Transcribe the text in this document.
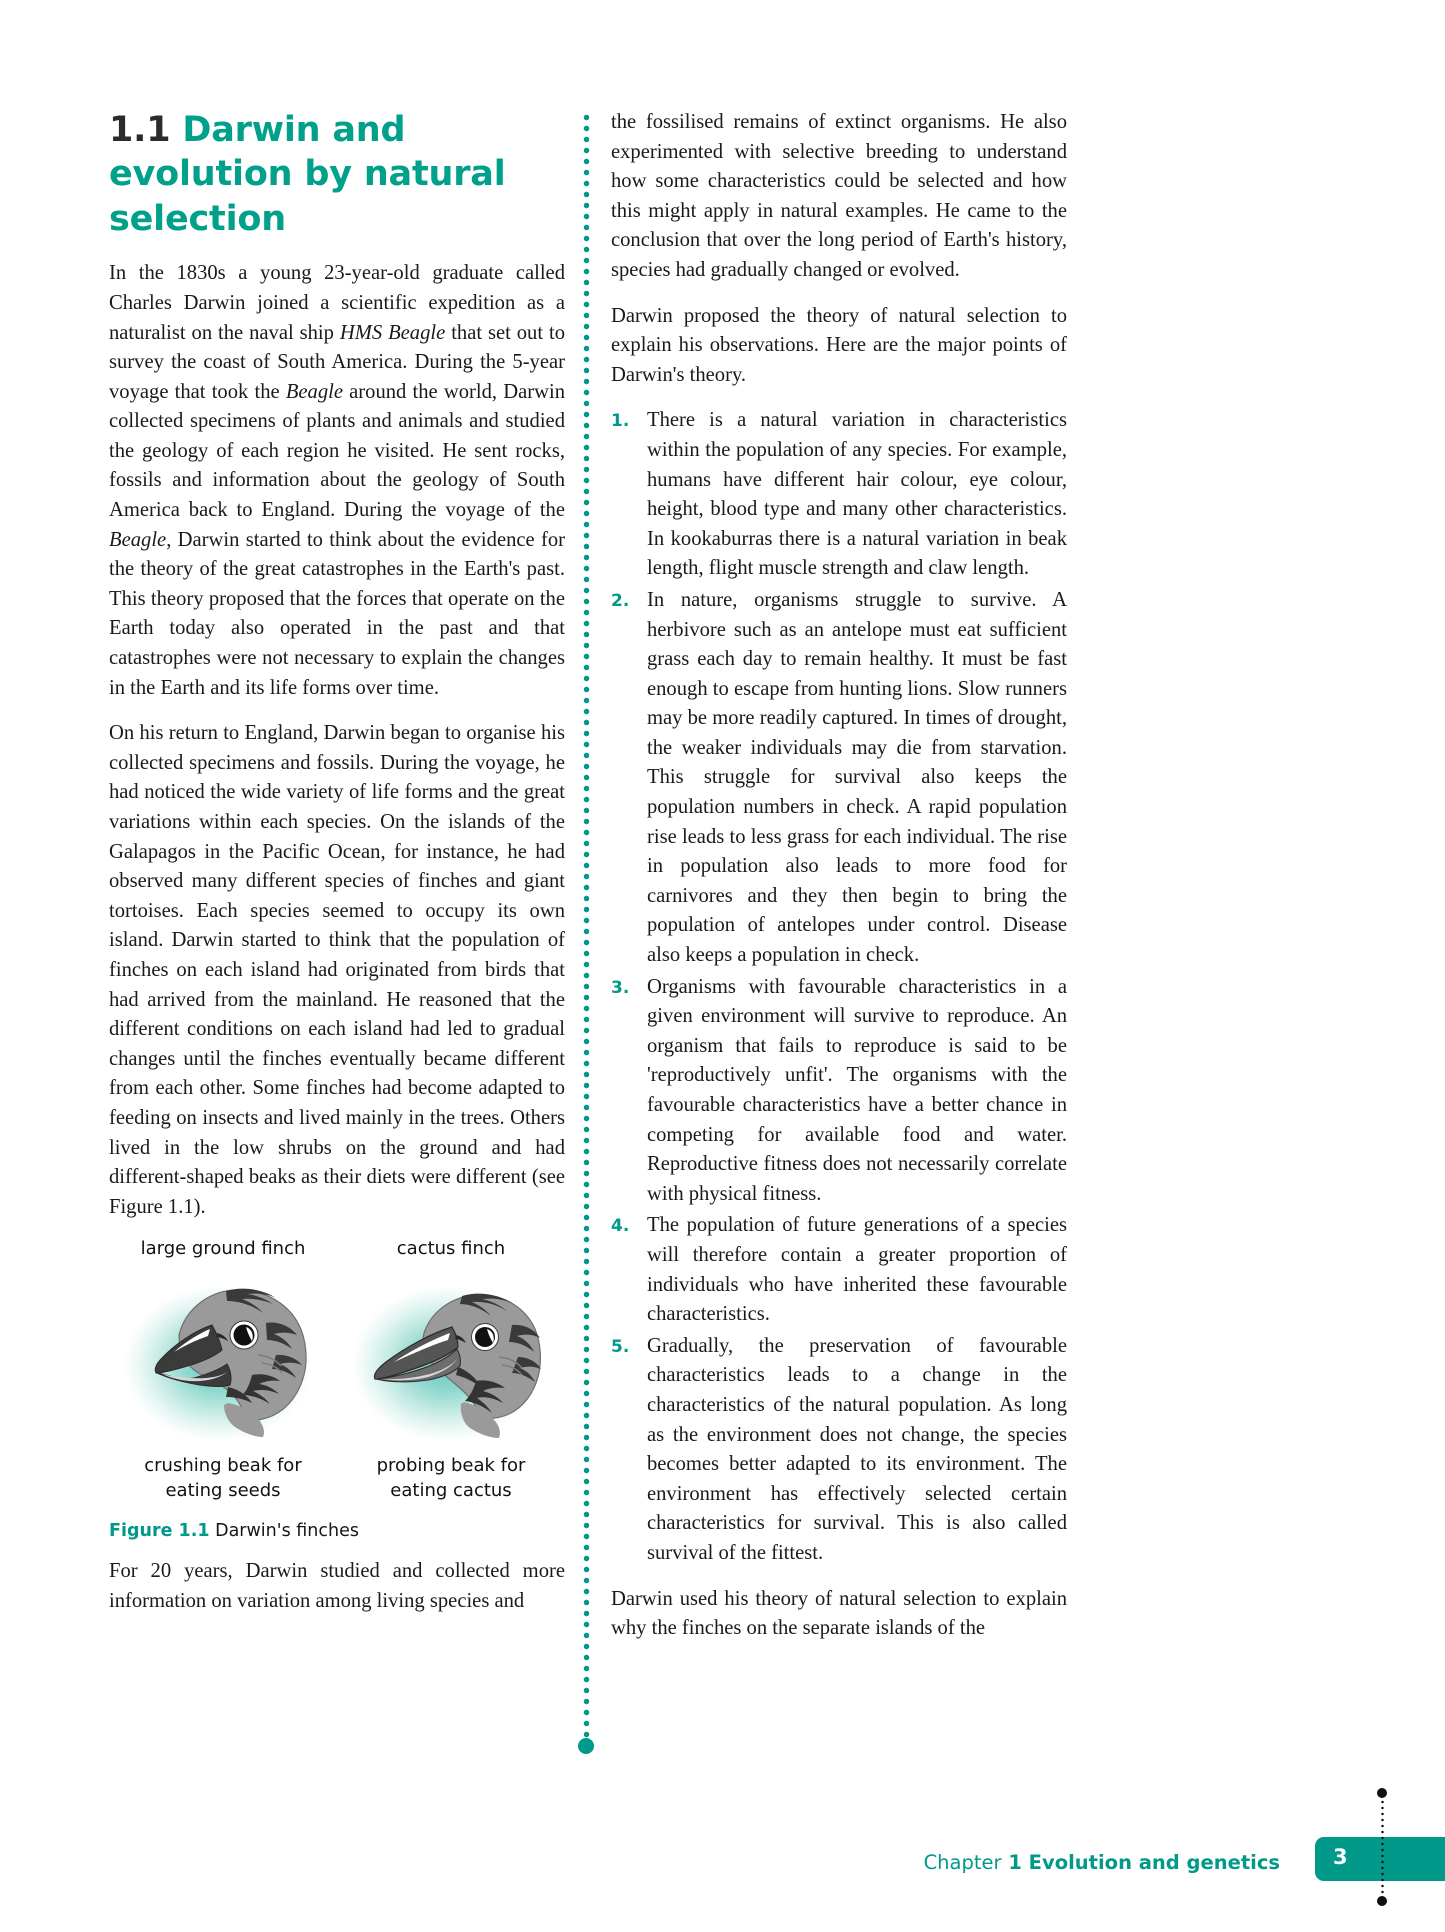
1.1 Darwin and evolution by natural selection

In the 1830s a young 23-year-old graduate called Charles Darwin joined a scientific expedition as a naturalist on the naval ship HMS Beagle that set out to survey the coast of South America. During the 5-year voyage that took the Beagle around the world, Darwin collected specimens of plants and animals and studied the geology of each region he visited. He sent rocks, fossils and information about the geology of South America back to England. During the voyage of the Beagle, Darwin started to think about the evidence for the theory of the great catastrophes in the Earth's past. This theory proposed that the forces that operate on the Earth today also operated in the past and that catastrophes were not necessary to explain the changes in the Earth and its life forms over time.

On his return to England, Darwin began to organise his collected specimens and fossils. During the voyage, he had noticed the wide variety of life forms and the great variations within each species. On the islands of the Galapagos in the Pacific Ocean, for instance, he had observed many different species of finches and giant tortoises. Each species seemed to occupy its own island. Darwin started to think that the population of finches on each island had originated from birds that had arrived from the mainland. He reasoned that the different conditions on each island had led to gradual changes until the finches eventually became different from each other. Some finches had become adapted to feeding on insects and lived mainly in the trees. Others lived in the low shrubs on the ground and had different-shaped beaks as their diets were different (see Figure 1.1).

large ground finch	cactus finch
crushing beak for eating seeds
probing beak for eating cactus
Figure 1.1 Darwin's finches

For 20 years, Darwin studied and collected more information on variation among living species and

the fossilised remains of extinct organisms. He also experimented with selective breeding to understand how some characteristics could be selected and how this might apply in natural examples. He came to the conclusion that over the long period of Earth's history, species had gradually changed or evolved.

Darwin proposed the theory of natural selection to explain his observations. Here are the major points of Darwin's theory.

1. There is a natural variation in characteristics within the population of any species. For example, humans have different hair colour, eye colour, height, blood type and many other characteristics. In kookaburras there is a natural variation in beak length, flight muscle strength and claw length.
2. In nature, organisms struggle to survive. A herbivore such as an antelope must eat sufficient grass each day to remain healthy. It must be fast enough to escape from hunting lions. Slow runners may be more readily captured. In times of drought, the weaker individuals may die from starvation. This struggle for survival also keeps the population numbers in check. A rapid population rise leads to less grass for each individual. The rise in population also leads to more food for carnivores and they then begin to bring the population of antelopes under control. Disease also keeps a population in check.
3. Organisms with favourable characteristics in a given environment will survive to reproduce. An organism that fails to reproduce is said to be 'reproductively unfit'. The organisms with the favourable characteristics have a better chance in competing for available food and water. Reproductive fitness does not necessarily correlate with physical fitness.
4. The population of future generations of a species will therefore contain a greater proportion of individuals who have inherited these favourable characteristics.
5. Gradually, the preservation of favourable characteristics leads to a change in the characteristics of the natural population. As long as the environment does not change, the species becomes better adapted to its environment. The environment has effectively selected certain characteristics for survival. This is also called survival of the fittest.

Darwin used his theory of natural selection to explain why the finches on the separate islands of the

Chapter 1 Evolution and genetics	3
